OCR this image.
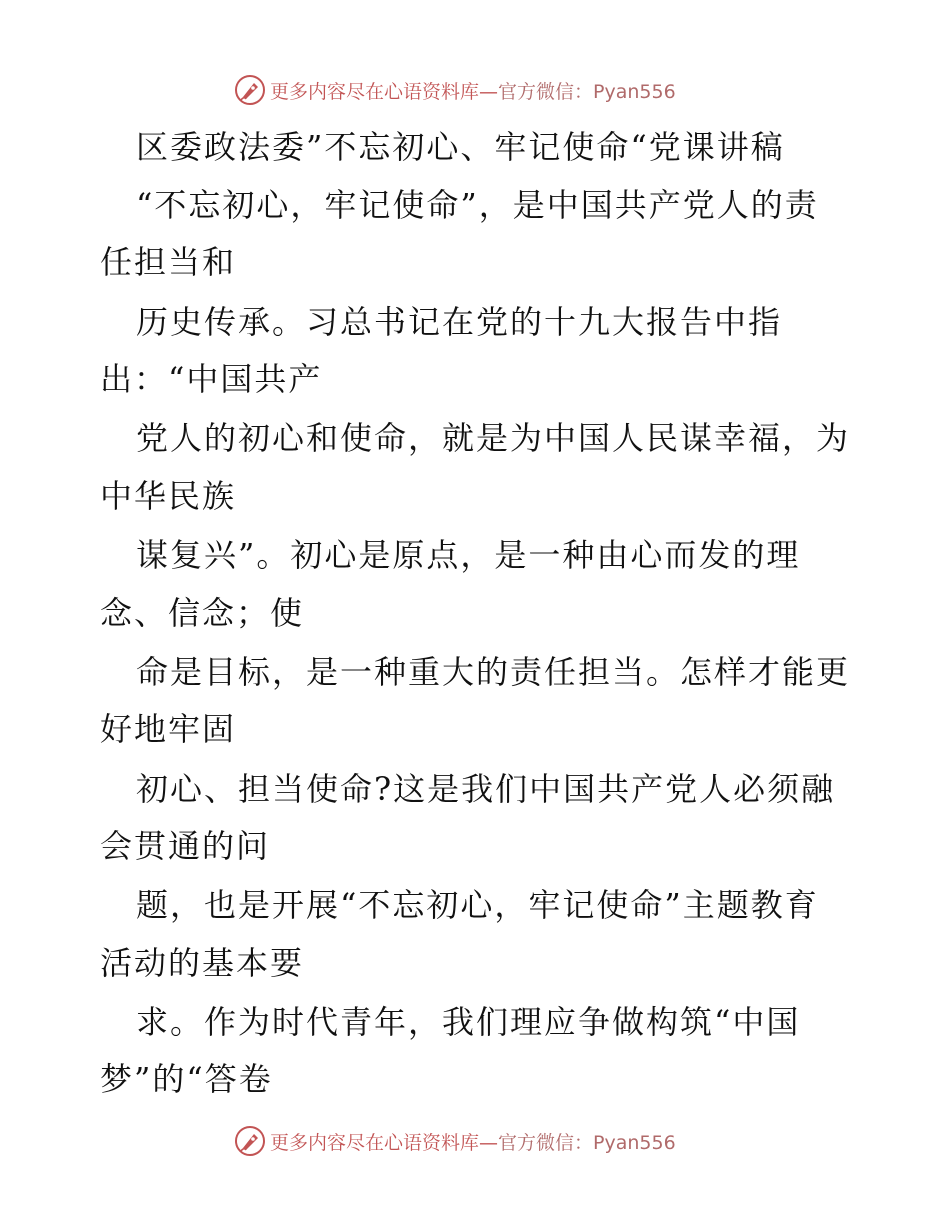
更多内容尽在心语资料库—官方微信：Pyan556
区委政法委”不忘初心、牢记使命“党课讲稿
“不忘初心，牢记使命”，是中国共产党人的责
任担当和
历史传承。习总书记在党的十九大报告中指
出：“中国共产
党人的初心和使命，就是为中国人民谋幸福，为
中华民族
谋复兴”。初心是原点，是一种由心而发的理
念、信念；使
命是目标，是一种重大的责任担当。怎样才能更
好地牢固
初心、担当使命?这是我们中国共产党人必须融
会贯通的问
题，也是开展“不忘初心，牢记使命”主题教育
活动的基本要
求。作为时代青年，我们理应争做构筑“中国
梦”的“答卷
更多内容尽在心语资料库—官方微信：Pyan556
